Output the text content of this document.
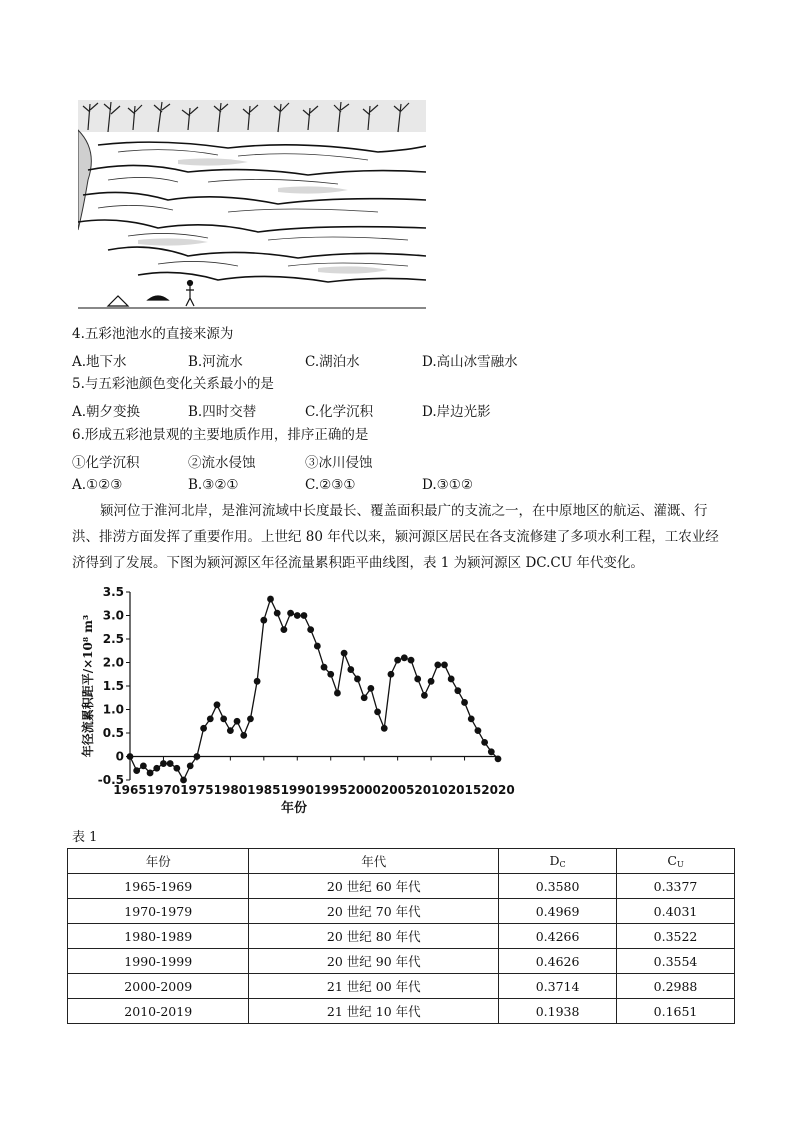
4.五彩池池水的直接来源为
A.地下水	B.河流水	C.湖泊水	D.高山冰雪融水
5.与五彩池颜色变化关系最小的是
A.朝夕变换	B.四时交替	C.化学沉积	D.岸边光影
6.形成五彩池景观的主要地质作用，排序正确的是
①化学沉积	②流水侵蚀	③冰川侵蚀
A.①②③	B.③②①	C.②③①	D.③①②
颍河位于淮河北岸，是淮河流域中长度最长、覆盖面积最广的支流之一，在中原地区的航运、灌溉、行洪、排涝方面发挥了重要作用。上世纪 80 年代以来，颍河源区居民在各支流修建了多项水利工程，工农业经济得到了发展。下图为颍河源区年径流量累积距平曲线图，表 1 为颍河源区 DC.CU 年代变化。
-0.5
0
0.5
1.0
1.5
2.0
2.5
3.0
3.5
1965 1970 1975 1980 1985 1990 1995 2000 2005 2010 2015 2020
年份
年径流累积距平/×10⁸ m³
表 1
年份	年代	$D_C$	$C_U$
1965-1969	20 世纪 60 年代	0.3580	0.3377
1970-1979	20 世纪 70 年代	0.4969	0.4031
1980-1989	20 世纪 80 年代	0.4266	0.3522
1990-1999	20 世纪 90 年代	0.4626	0.3554
2000-2009	21 世纪 00 年代	0.3714	0.2988
2010-2019	21 世纪 10 年代	0.1938	0.1651
